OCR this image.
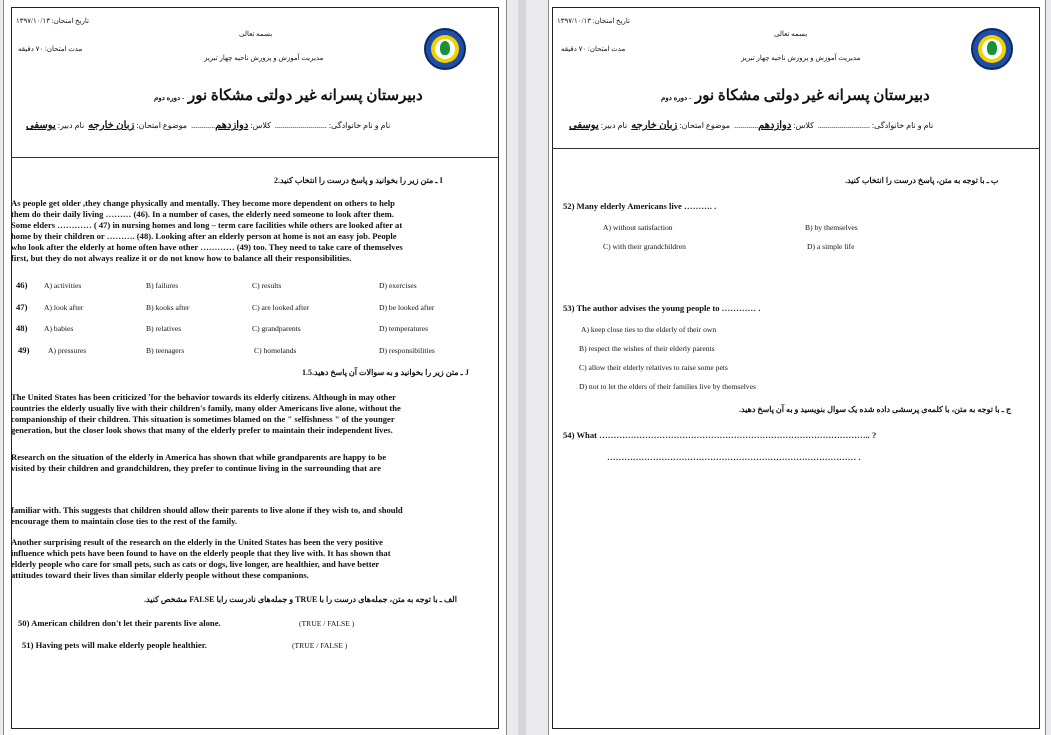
تاریخ امتحان: ۱۳۹۷/۱۰/۱۳
مدت امتحان: ۷۰ دقیقه
بسمه تعالی
مدیریت آموزش و پرورش ناحیه چهار تبریز
دبیرستان پسرانه غیر دولتی مشکاة نور - دوره دوم
نام و نام خانوادگی: ..........................  کلاس: دوازدهم............  موضوع امتحان: زبان خارجه  نام دبیر: یوسفی
I ـ متن زیر را بخوانید و پاسخ درست را انتخاب کنید.2
As people get older ,they change physically and mentally. They become more dependent on others to help
them do their daily living ……… (46). In a number of cases, the elderly need someone to look after them.
Some elders ………… ( 47) in nursing homes and long – term care facilities while others are looked after at
home by their children or ………. (48). Looking after an elderly person at home is not an easy job. People
who look after the elderly at home often have other ………… (49) too. They need to take care of themselves
first, but they do not always realize it or do not know how to balance all their responsibilities.
46) A) activities	B) failures	C) results	D) exercises
47) A) look after	B) kooks after	C) are looked after	D) be looked after
48) A) babies	B) relatives	C) grandparents	D) temperatures
49) A) pressures	B) teenagers	C) homelands	D) responsibilities
J ـ متن زیر را بخوانید و به سوالات آن پاسخ دهید.1.5
The United States has been criticized ̛ for the behavior towards its elderly citizens. Although in may other
countries the elderly usually live with their children's family, many older Americans live alone, without the
companionship of their children. This situation is sometimes blamed on the " selfishness " of the younger
generation, but the closer look shows that many of the elderly prefer to maintain their independent lives.
Research on the situation of the elderly in America has shown that while grandparents are happy to be
visited by their children and grandchildren, they prefer to continue living in the surrounding that are
familiar with. This suggests that children should allow their parents to live alone if they wish to, and should
encourage them to maintain close ties to the rest of the family.
Another surprising result of the research on the elderly in the United States has been the very positive
influence which pets have been found to have on the elderly people that they live with. It has shown that
elderly people who care for small pets, such as cats or dogs, live longer, are healthier, and have better
attitudes toward their lives than similar elderly people without these companions.
الف ـ با توجه به متن، جمله‌های درست را با TRUE و جمله‌های نادرست رابا FALSE مشخص کنید.
50) American children don't let their parents live alone.	(TRUE / FALSE )
51) Having pets will make elderly people healthier.	(TRUE / FALSE )
تاریخ امتحان: ۱۳۹۷/۱۰/۱۳
مدت امتحان: ۷۰ دقیقه
بسمه تعالی
مدیریت آموزش و پرورش ناحیه چهار تبریز
دبیرستان پسرانه غیر دولتی مشکاة نور - دوره دوم
نام و نام خانوادگی: ..........................  کلاس: دوازدهم............  موضوع امتحان: زبان خارجه  نام دبیر: یوسفی
ب ـ با توجه به متن، پاسخ درست را انتخاب کنید.
52) Many elderly Americans live ………. .
A) without satisfaction	B) by themselves
C) with their grandchildren	D) a simple life
53) The author advises the young people to ………… .
A) keep close ties to the elderly of their own
B) respect the wishes of their elderly parents
C) allow their elderly relatives to raise some pets
D) not to let the elders of their families live by themselves
ج ـ با توجه به متن، با کلمه‌ی پرسشی داده شده یک سوال بنویسید و به آن پاسخ دهید.
54) What ………………………………………………………………………………….. ?
…………………………………………………………………………… .
